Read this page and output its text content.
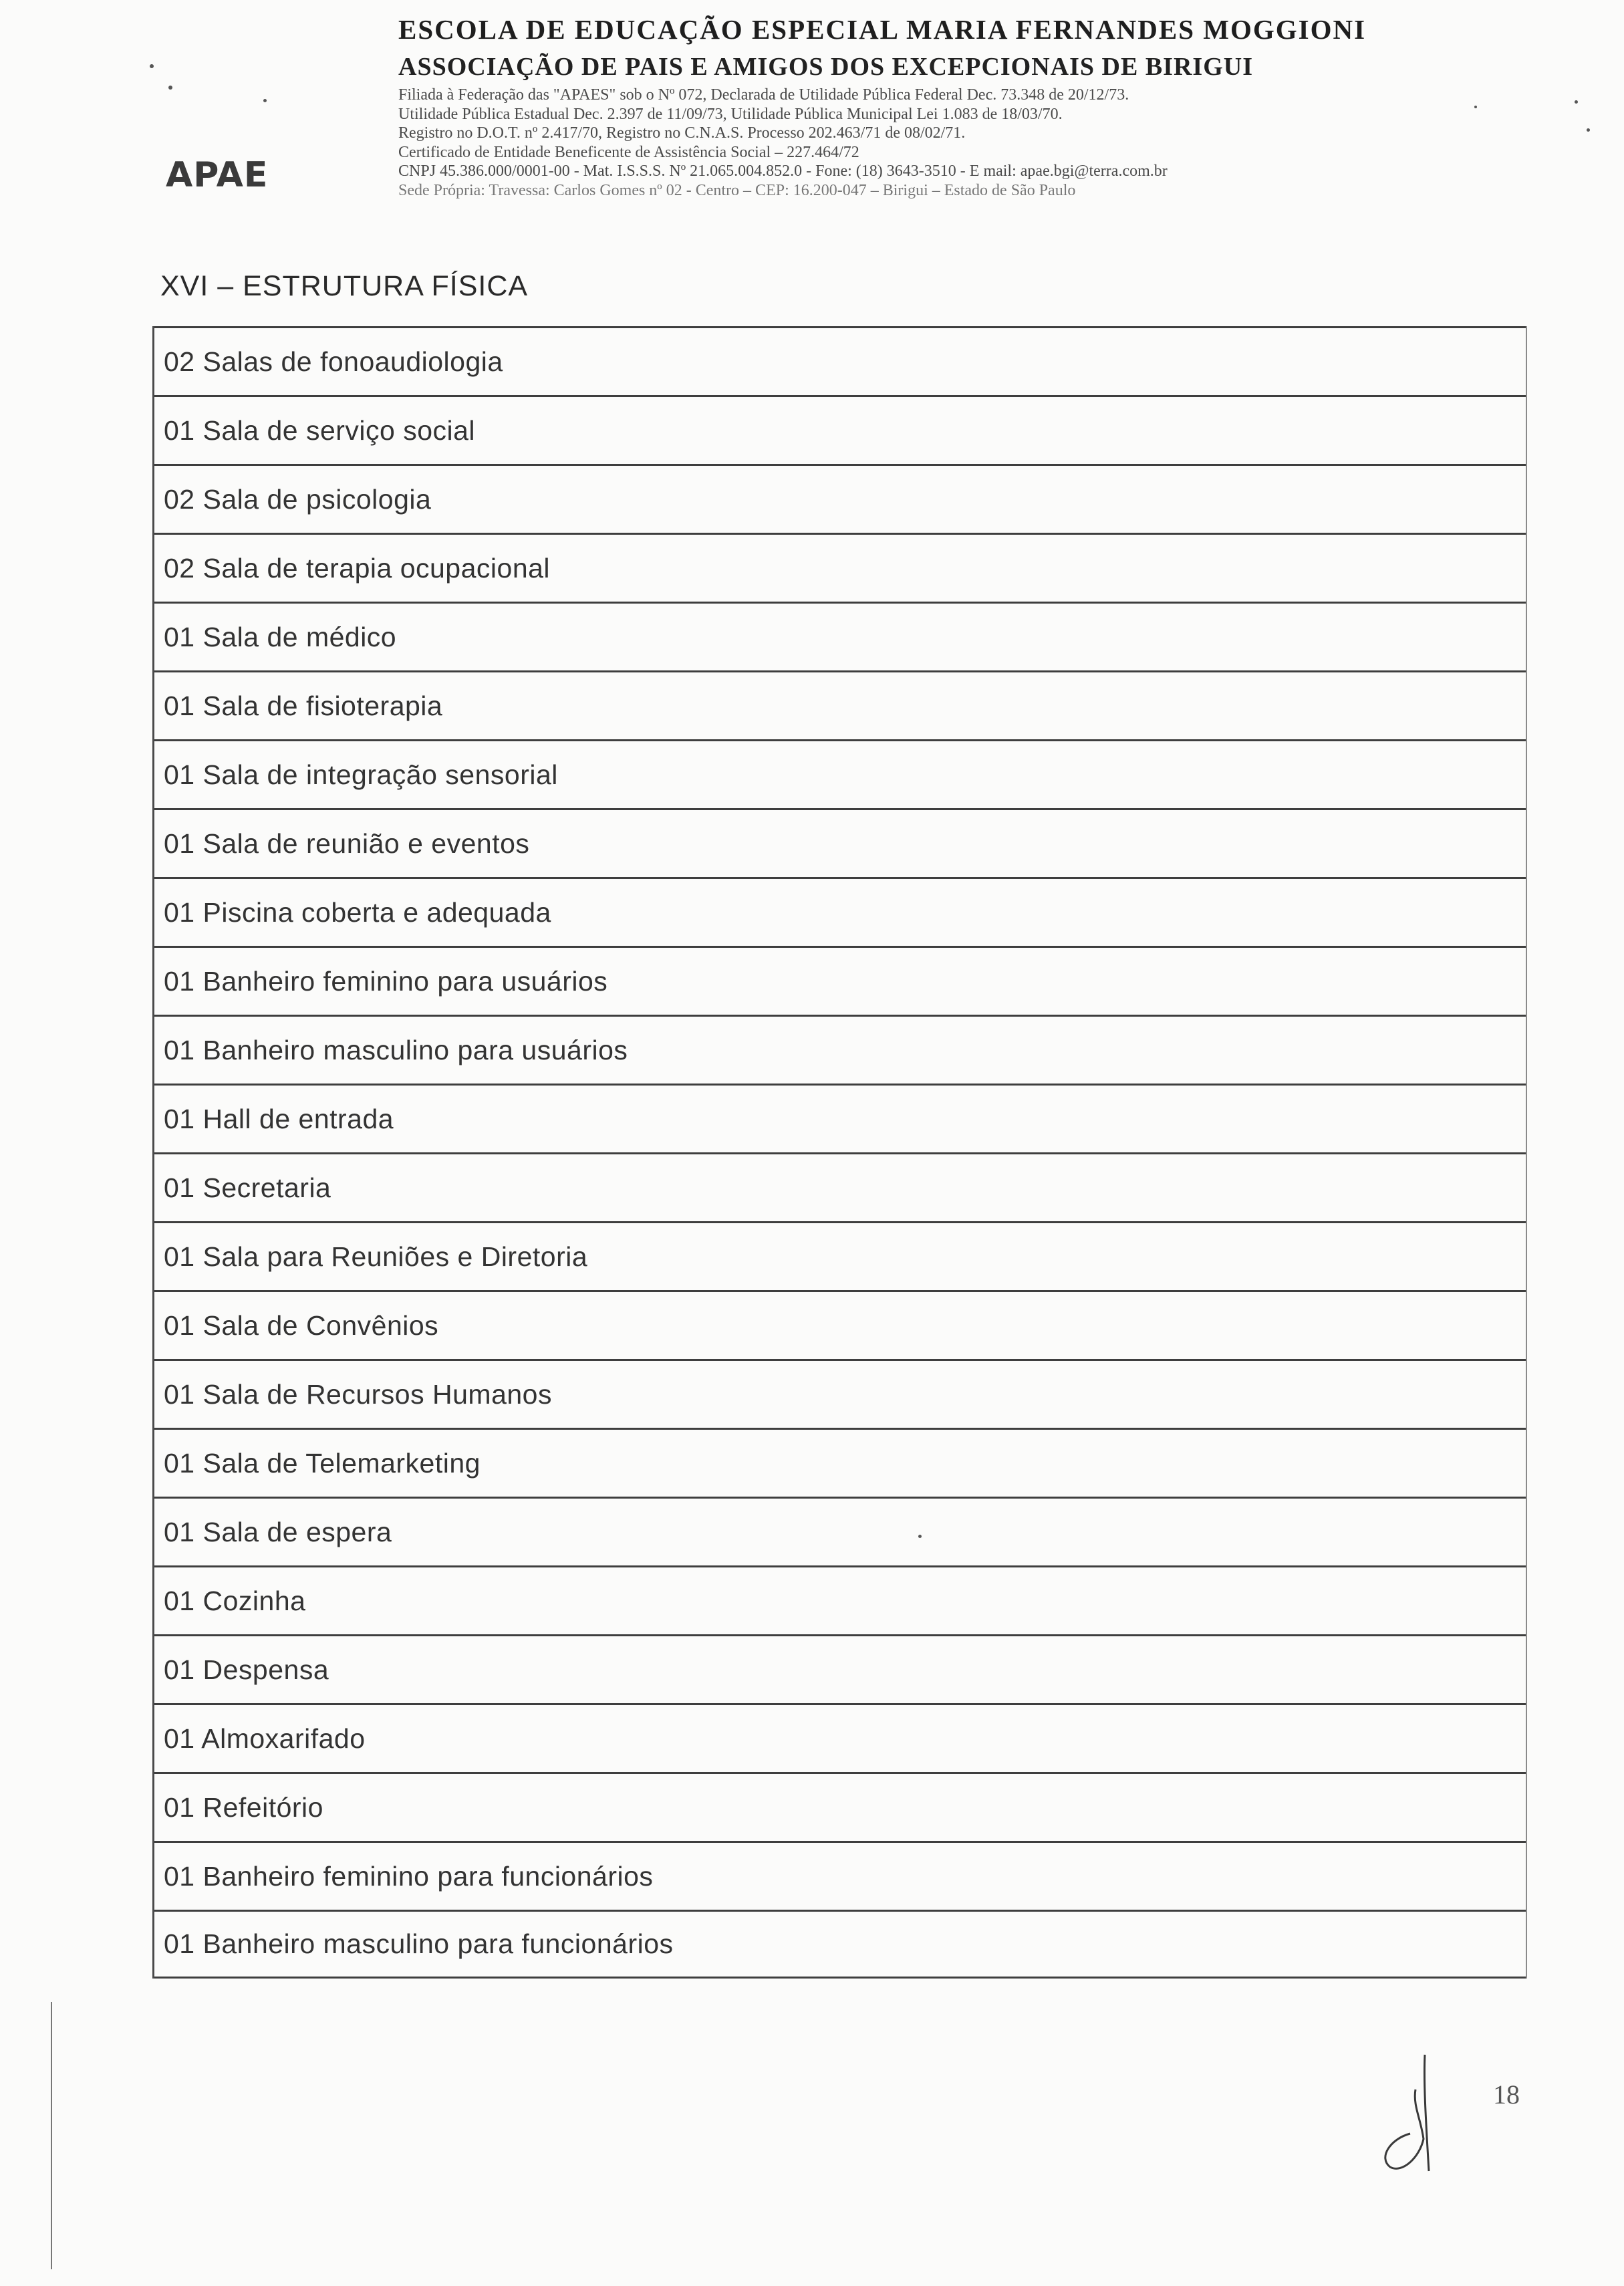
APAE
ESCOLA DE EDUCAÇÃO ESPECIAL MARIA FERNANDES MOGGIONI
ASSOCIAÇÃO DE PAIS E AMIGOS DOS EXCEPCIONAIS DE BIRIGUI
Filiada à Federação das "APAES" sob o Nº 072, Declarada de Utilidade Pública Federal Dec. 73.348 de 20/12/73.
Utilidade Pública Estadual Dec. 2.397 de 11/09/73, Utilidade Pública Municipal Lei 1.083 de 18/03/70.
Registro no D.O.T. nº 2.417/70, Registro no C.N.A.S. Processo 202.463/71 de 08/02/71.
Certificado de Entidade Beneficente de Assistência Social – 227.464/72
CNPJ 45.386.000/0001-00 - Mat. I.S.S.S. Nº 21.065.004.852.0 - Fone: (18) 3643-3510 - E mail: apae.bgi@terra.com.br
Sede Própria: Travessa: Carlos Gomes nº 02 - Centro – CEP: 16.200-047 – Birigui – Estado de São Paulo
XVI – ESTRUTURA FÍSICA
02 Salas de fonoaudiologia
01 Sala de serviço social
02 Sala de psicologia
02 Sala de terapia ocupacional
01 Sala de médico
01 Sala de fisioterapia
01 Sala de integração sensorial
01 Sala de reunião e eventos
01 Piscina coberta e adequada
01 Banheiro feminino para usuários
01 Banheiro masculino para usuários
01 Hall de entrada
01 Secretaria
01 Sala para Reuniões e Diretoria
01 Sala de Convênios
01 Sala de Recursos Humanos
01 Sala de Telemarketing
01 Sala de espera
01 Cozinha
01 Despensa
01 Almoxarifado
01 Refeitório
01 Banheiro feminino para funcionários
01 Banheiro masculino para funcionários
18
